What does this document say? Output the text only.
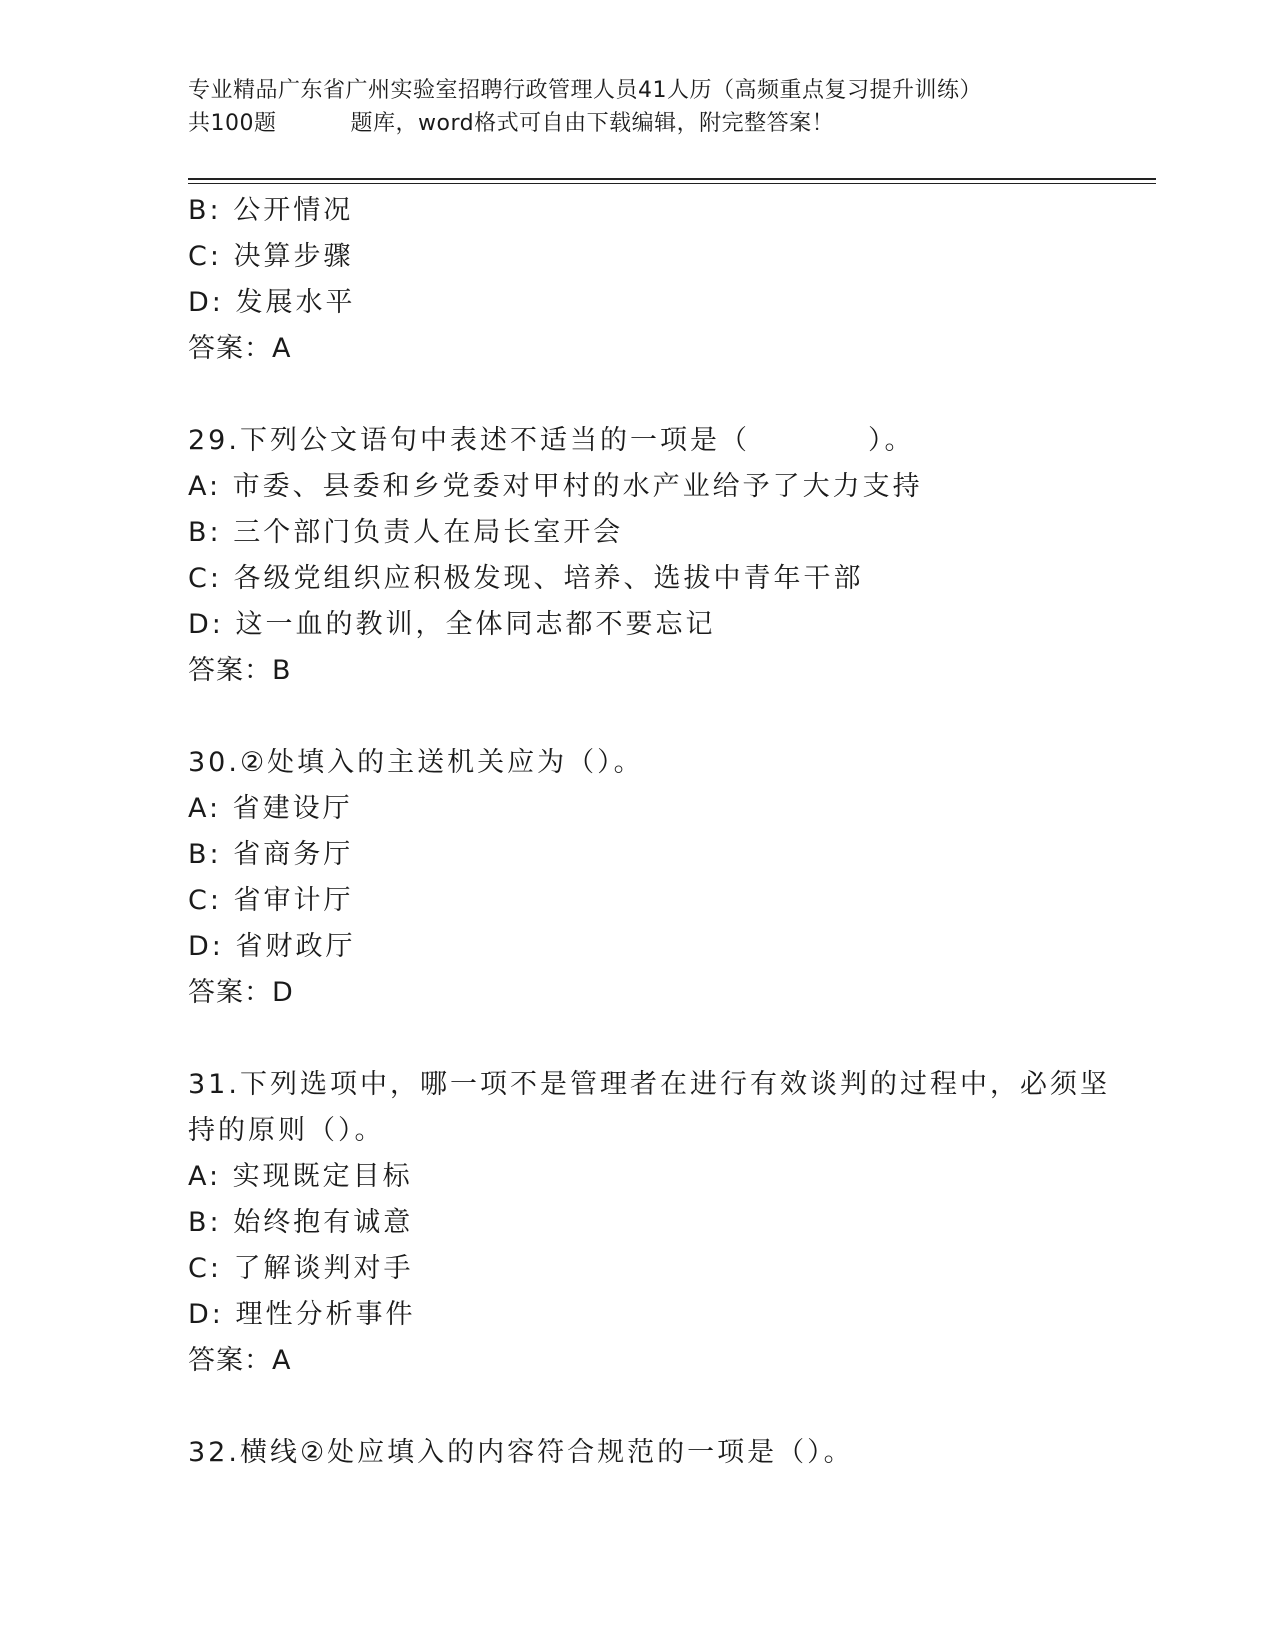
专业精品广东省广州实验室招聘行政管理人员41人历（高频重点复习提升训练）
共100题	题库，word格式可自由下载编辑，附完整答案！
B: 公开情况
C: 决算步骤
D: 发展水平
答案：A
29.下列公文语句中表述不适当的一项是（	）。
A: 市委、县委和乡党委对甲村的水产业给予了大力支持
B: 三个部门负责人在局长室开会
C: 各级党组织应积极发现、培养、选拔中青年干部
D: 这一血的教训，全体同志都不要忘记
答案：B
30.②处填入的主送机关应为（）。
A: 省建设厅
B: 省商务厅
C: 省审计厅
D: 省财政厅
答案：D
31.下列选项中，哪一项不是管理者在进行有效谈判的过程中，必须坚
持的原则（）。
A: 实现既定目标
B: 始终抱有诚意
C: 了解谈判对手
D: 理性分析事件
答案：A
32.横线②处应填入的内容符合规范的一项是（）。
